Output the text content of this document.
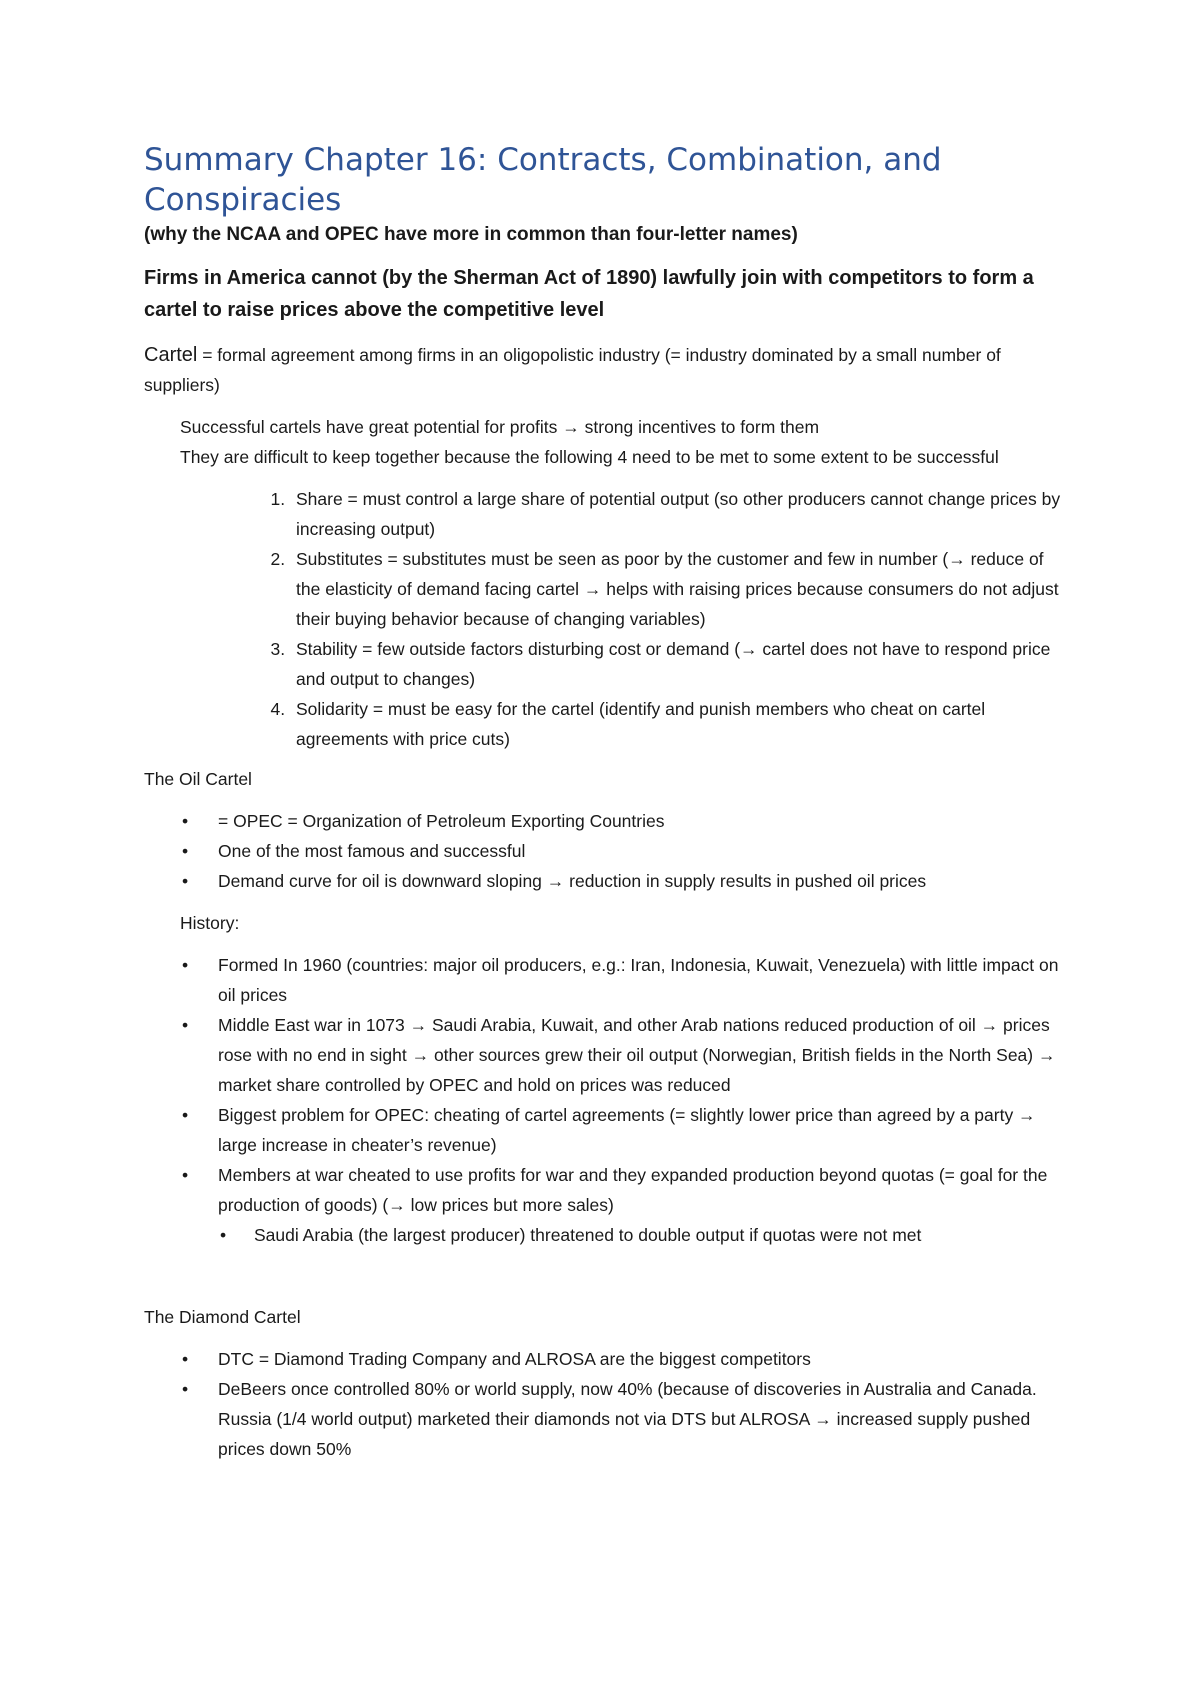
Summary Chapter 16: Contracts, Combination, and Conspiracies

(why the NCAA and OPEC have more in common than four-letter names)

Firms in America cannot (by the Sherman Act of 1890) lawfully join with competitors to form a cartel to raise prices above the competitive level

Cartel = formal agreement among firms in an oligopolistic industry (= industry dominated by a small number of suppliers)

Successful cartels have great potential for profits → strong incentives to form them

They are difficult to keep together because the following 4 need to be met to some extent to be successful

1. Share = must control a large share of potential output (so other producers cannot change prices by increasing output)
2. Substitutes = substitutes must be seen as poor by the customer and few in number (→ reduce of the elasticity of demand facing cartel → helps with raising prices because consumers do not adjust their buying behavior because of changing variables)
3. Stability = few outside factors disturbing cost or demand (→ cartel does not have to respond price and output to changes)
4. Solidarity = must be easy for the cartel (identify and punish members who cheat on cartel agreements with price cuts)

The Oil Cartel

• = OPEC = Organization of Petroleum Exporting Countries
• One of the most famous and successful
• Demand curve for oil is downward sloping → reduction in supply results in pushed oil prices

History:

• Formed In 1960 (countries: major oil producers, e.g.: Iran, Indonesia, Kuwait, Venezuela) with little impact on oil prices
• Middle East war in 1073 → Saudi Arabia, Kuwait, and other Arab nations reduced production of oil → prices rose with no end in sight → other sources grew their oil output (Norwegian, British fields in the North Sea) → market share controlled by OPEC and hold on prices was reduced
• Biggest problem for OPEC: cheating of cartel agreements (= slightly lower price than agreed by a party → large increase in cheater’s revenue)
• Members at war cheated to use profits for war and they expanded production beyond quotas (= goal for the production of goods) (→ low prices but more sales)
• Saudi Arabia (the largest producer) threatened to double output if quotas were not met

The Diamond Cartel

• DTC = Diamond Trading Company and ALROSA are the biggest competitors
• DeBeers once controlled 80% or world supply, now 40% (because of discoveries in Australia and Canada. Russia (1/4 world output) marketed their diamonds not via DTS but ALROSA → increased supply pushed prices down 50%
